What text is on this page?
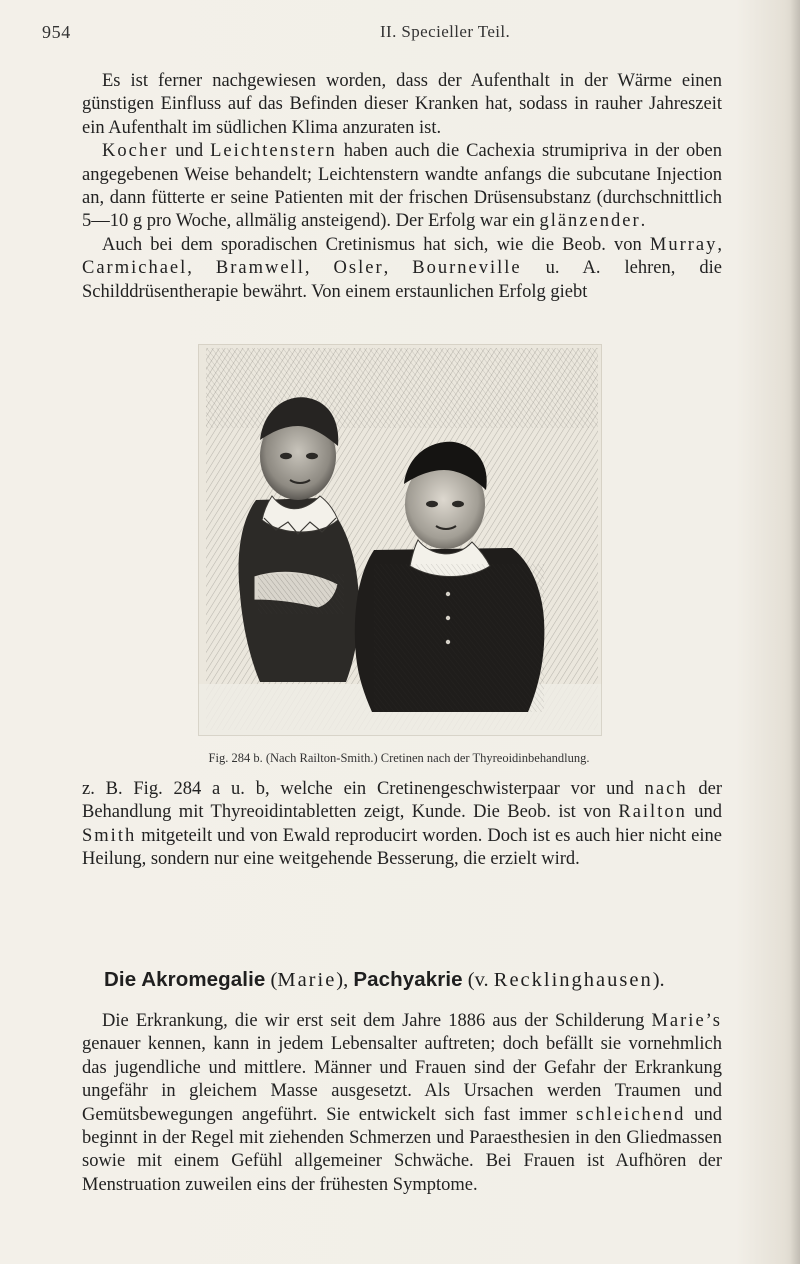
954	II. Specieller Teil.

Es ist ferner nachgewiesen worden, dass der Aufenthalt in der Wärme einen günstigen Einfluss auf das Befinden dieser Kranken hat, sodass in rauher Jahreszeit ein Aufenthalt im südlichen Klima anzuraten ist.

Kocher und Leichtenstern haben auch die Cachexia strumipriva in der oben angegebenen Weise behandelt; Leichtenstern wandte anfangs die subcutane Injection an, dann fütterte er seine Patienten mit der frischen Drüsensubstanz (durchschnittlich 5—10 g pro Woche, allmälig ansteigend). Der Erfolg war ein glänzender.

Auch bei dem sporadischen Cretinismus hat sich, wie die Beob. von Murray, Carmichael, Bramwell, Osler, Bourneville u. A. lehren, die Schilddrüsentherapie bewährt. Von einem erstaunlichen Erfolg giebt

Fig. 284 b. (Nach Railton-Smith.) Cretinen nach der Thyreoidinbehandlung.

z. B. Fig. 284 a u. b, welche ein Cretinengeschwisterpaar vor und nach der Behandlung mit Thyreoidintabletten zeigt, Kunde. Die Beob. ist von Railton und Smith mitgeteilt und von Ewald reproducirt worden. Doch ist es auch hier nicht eine Heilung, sondern nur eine weitgehende Besserung, die erzielt wird.

Die Akromegalie (Marie), Pachyakrie (v. Recklinghausen).

Die Erkrankung, die wir erst seit dem Jahre 1886 aus der Schilderung Marie’s genauer kennen, kann in jedem Lebensalter auftreten; doch befällt sie vornehmlich das jugendliche und mittlere. Männer und Frauen sind der Gefahr der Erkrankung ungefähr in gleichem Masse ausgesetzt. Als Ursachen werden Traumen und Gemütsbewegungen angeführt. Sie entwickelt sich fast immer schleichend und beginnt in der Regel mit ziehenden Schmerzen und Paraesthesien in den Gliedmassen sowie mit einem Gefühl allgemeiner Schwäche. Bei Frauen ist Aufhören der Menstruation zuweilen eins der frühesten Symptome.
